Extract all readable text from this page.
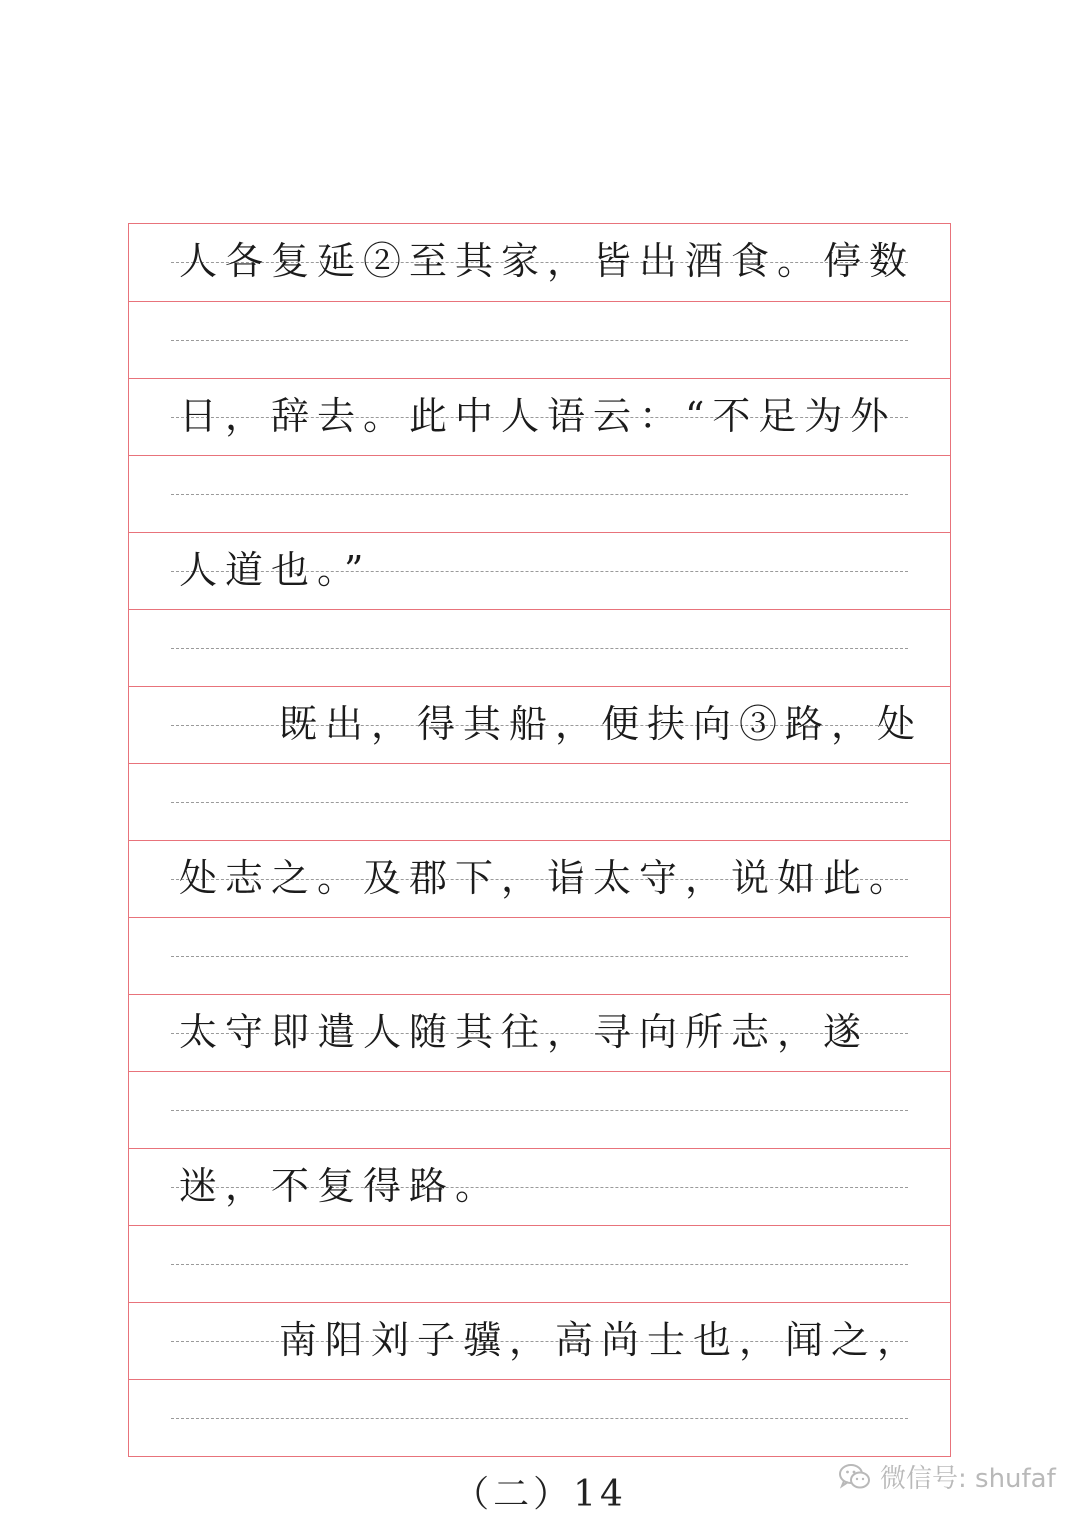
人各复延②至其家，皆出酒食。停数
日，辞去。此中人语云：“不足为外
人道也。”
既出，得其船，便扶向③路，处
处志之。及郡下，诣太守，说如此。
太守即遣人随其往，寻向所志，遂
迷，不复得路。
南阳刘子骥，高尚士也，闻之，
（二）14	微信号: shufaf
